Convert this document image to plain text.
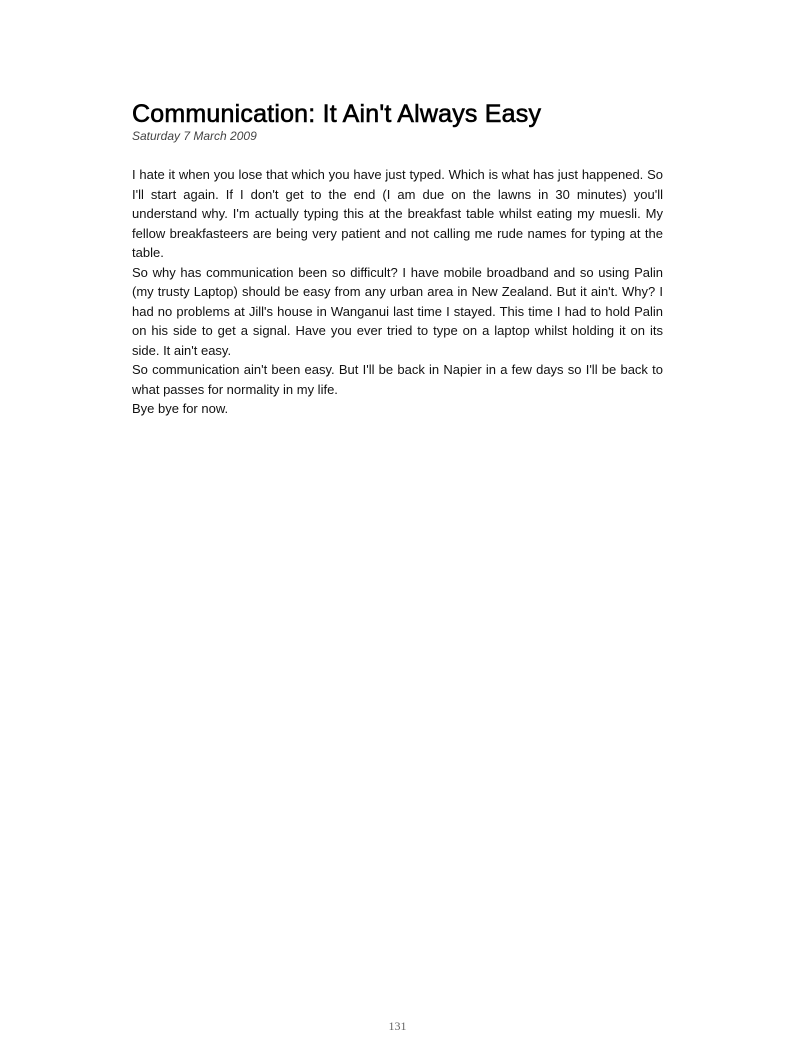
Communication: It Ain't Always Easy
Saturday 7 March 2009

I hate it when you lose that which you have just typed. Which is what has just happened. So I'll start again. If I don't get to the end (I am due on the lawns in 30 minutes) you'll understand why. I'm actually typing this at the breakfast table whilst eating my muesli. My fellow breakfasteers are being very patient and not calling me rude names for typing at the table.

So why has communication been so difficult? I have mobile broadband and so using Palin (my trusty Laptop) should be easy from any urban area in New Zealand. But it ain't. Why? I had no problems at Jill's house in Wanganui last time I stayed. This time I had to hold Palin on his side to get a signal. Have you ever tried to type on a laptop whilst holding it on its side. It ain't easy.

So communication ain't been easy. But I'll be back in Napier in a few days so I'll be back to what passes for normality in my life.

Bye bye for now.

131
